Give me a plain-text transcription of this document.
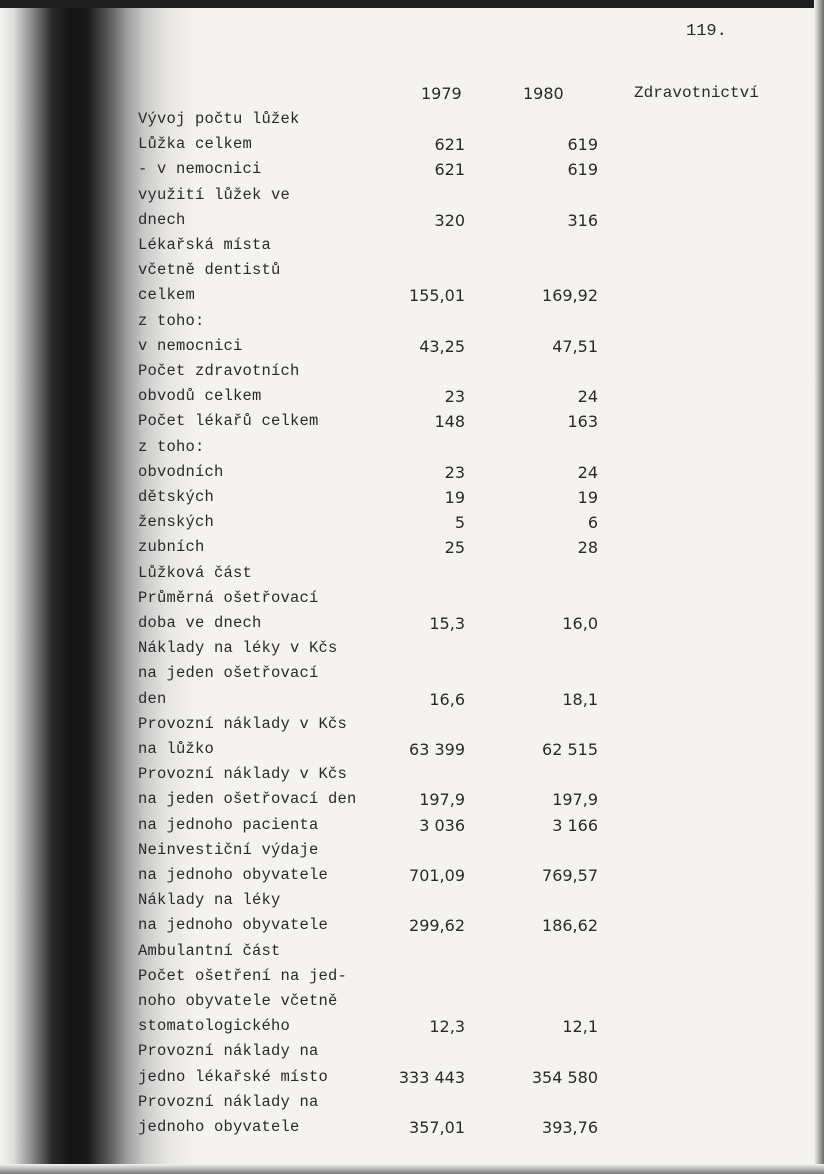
119.
Zdravotnictví
1979	1980
Vývoj počtu lůžek
Lůžka celkem	621	619
- v nemocnici	621	619
využití lůžek ve
dnech	320	316
Lékařská místa
včetně dentistů
celkem	155,01	169,92
z toho:
v nemocnici	43,25	47,51
Počet zdravotních
obvodů celkem	23	24
Počet lékařů celkem	148	163
z toho:
obvodních	23	24
dětských	19	19
ženských	5	6
zubních	25	28
Lůžková část
Průměrná ošetřovací
doba ve dnech	15,3	16,0
Náklady na léky v Kčs
na jeden ošetřovací
den	16,6	18,1
Provozní náklady v Kčs
na lůžko	63 399	62 515
Provozní náklady v Kčs
na jeden ošetřovací den	197,9	197,9
na jednoho pacienta	3 036	3 166
Neinvestiční výdaje
na jednoho obyvatele	701,09	769,57
Náklady na léky
na jednoho obyvatele	299,62	186,62
Ambulantní část
Počet ošetření na jed-
noho obyvatele včetně
stomatologického	12,3	12,1
Provozní náklady na
jedno lékařské místo	333 443	354 580
Provozní náklady na
jednoho obyvatele	357,01	393,76
